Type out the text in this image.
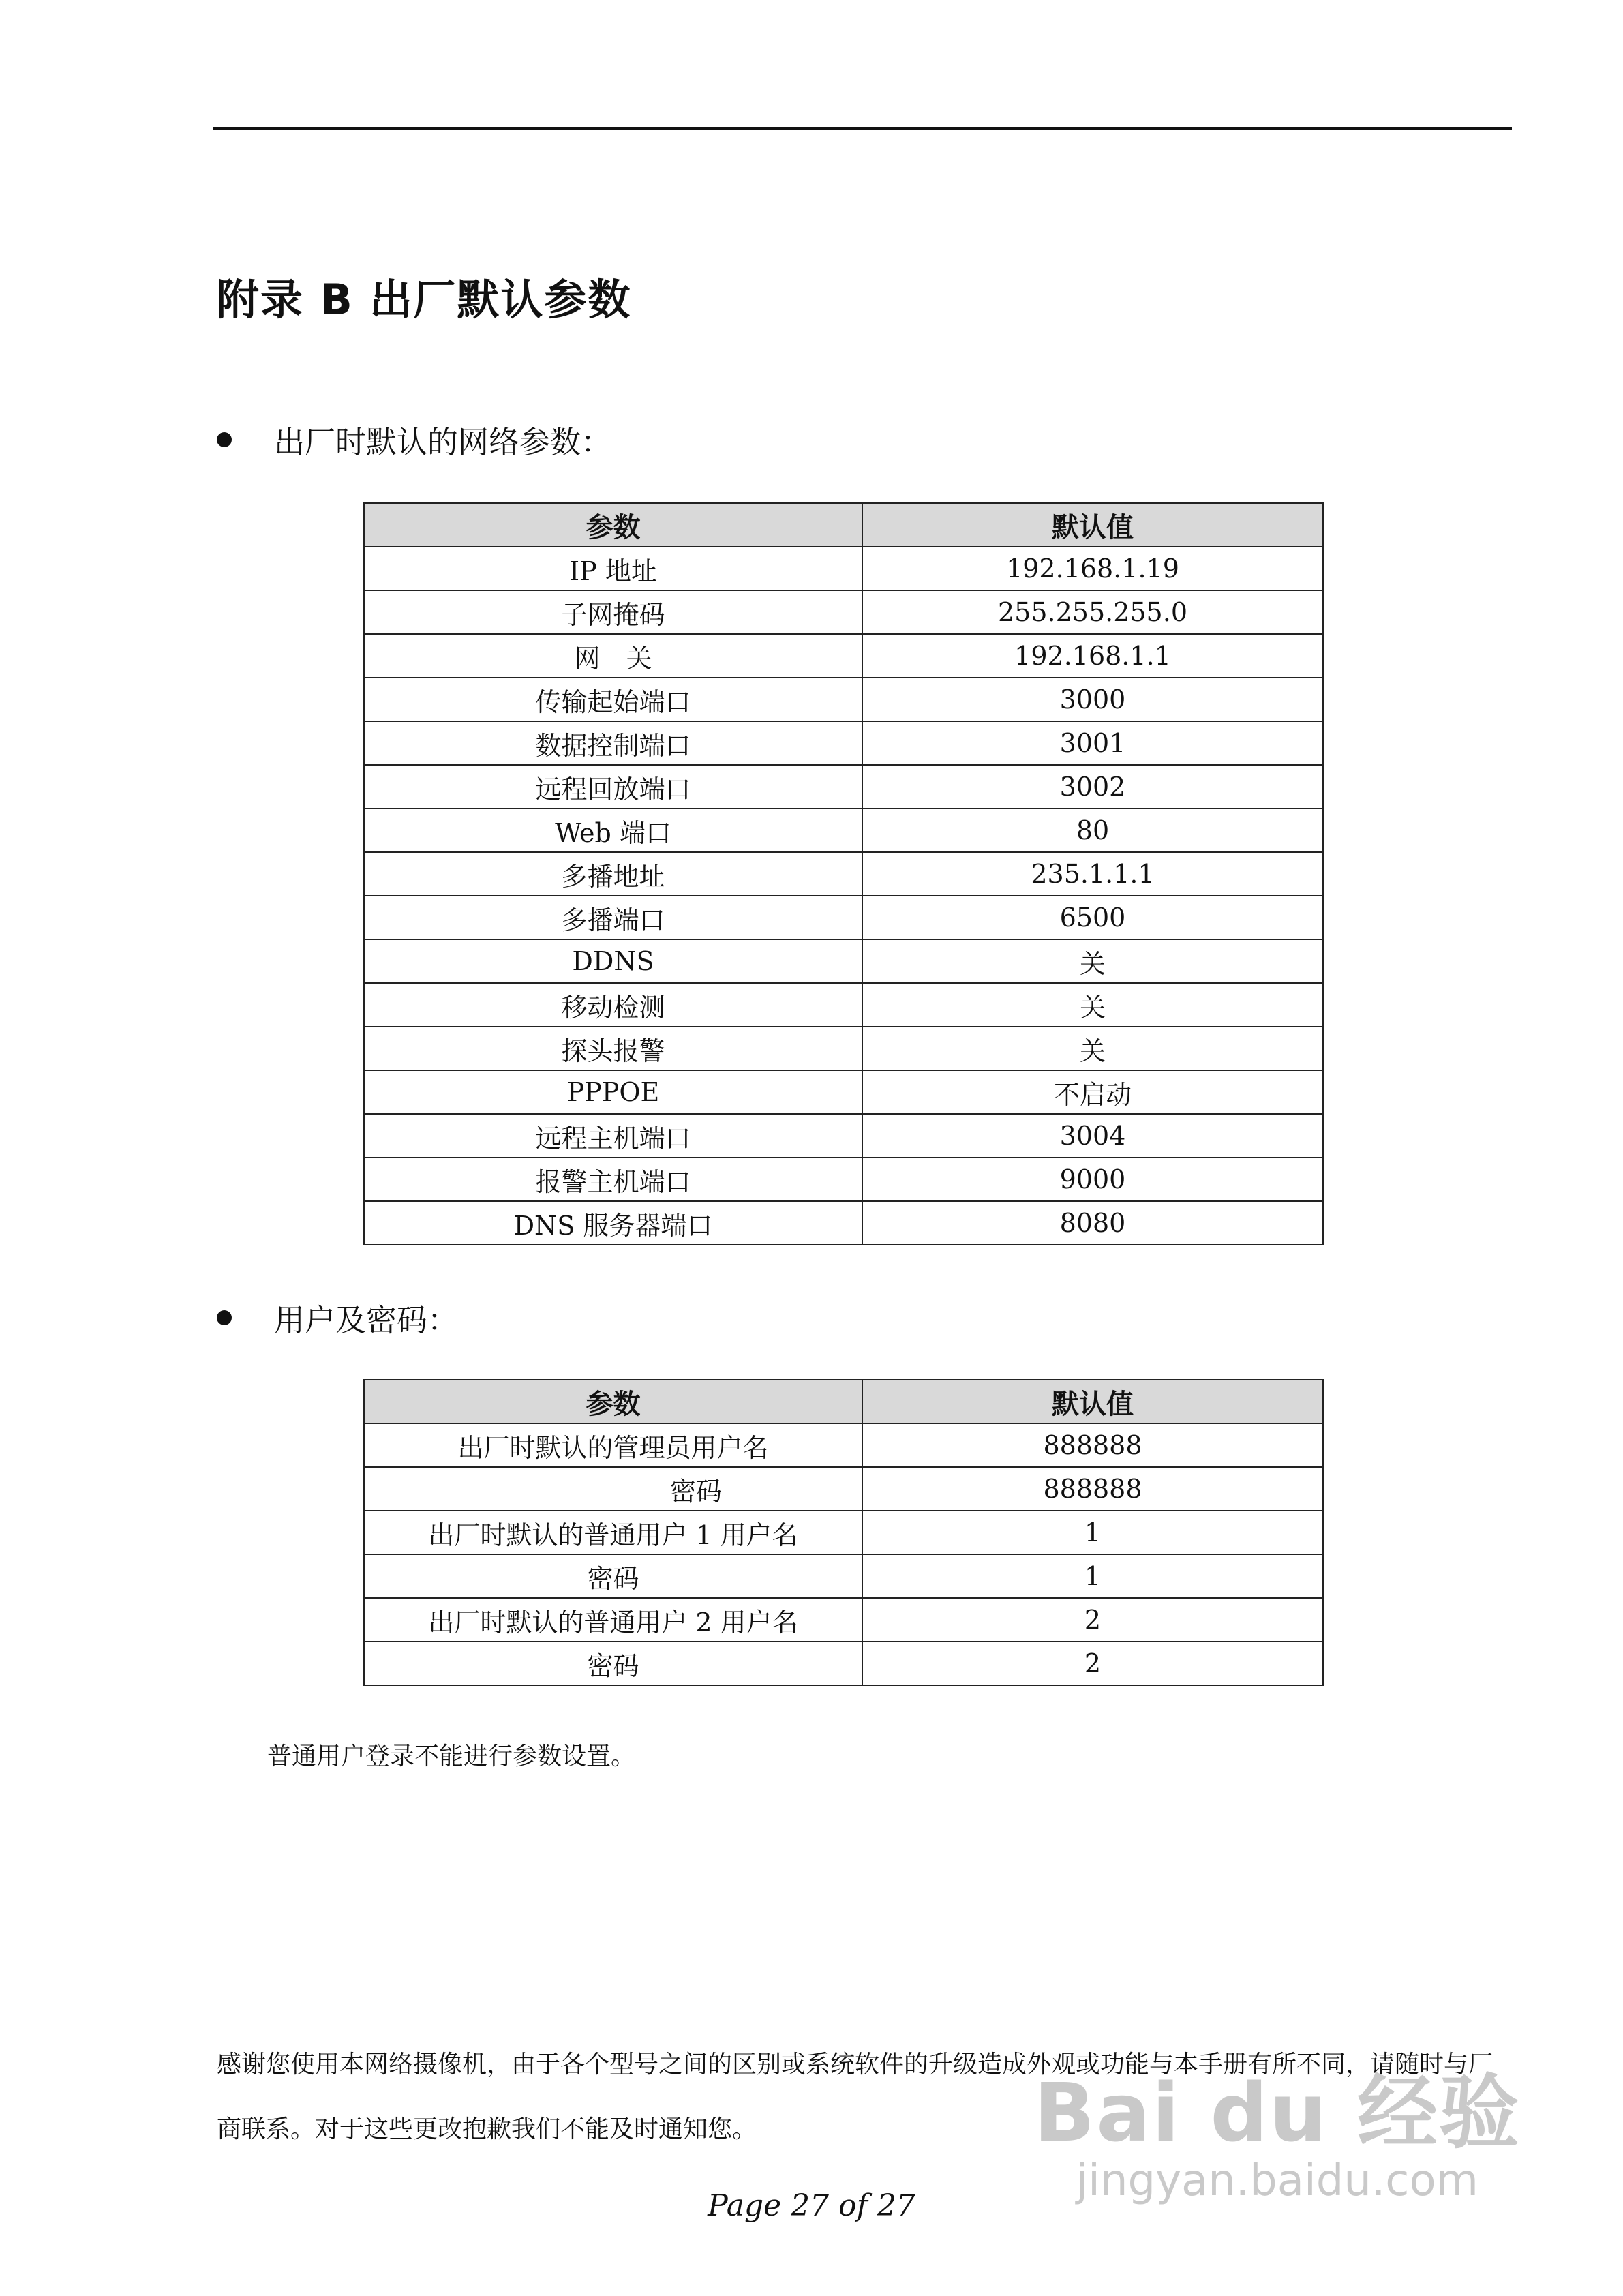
附录 B 出厂默认参数
出厂时默认的网络参数：
参数	默认值
IP 地址	192.168.1.19
子网掩码	255.255.255.0
网　关	192.168.1.1
传输起始端口	3000
数据控制端口	3001
远程回放端口	3002
Web 端口	80
多播地址	235.1.1.1
多播端口	6500
DDNS	关
移动检测	关
探头报警	关
PPPOE	不启动
远程主机端口	3004
报警主机端口	9000
DNS 服务器端口	8080
用户及密码：
参数	默认值
出厂时默认的管理员用户名	888888
密码	888888
出厂时默认的普通用户 1 用户名	1
密码	1
出厂时默认的普通用户 2 用户名	2
密码	2
普通用户登录不能进行参数设置。
感谢您使用本网络摄像机，由于各个型号之间的区别或系统软件的升级造成外观或功能与本手册有所不同，请随时与厂
商联系。对于这些更改抱歉我们不能及时通知您。	Bai du 经验
jingyan.baidu.com
Page 27 of 27
